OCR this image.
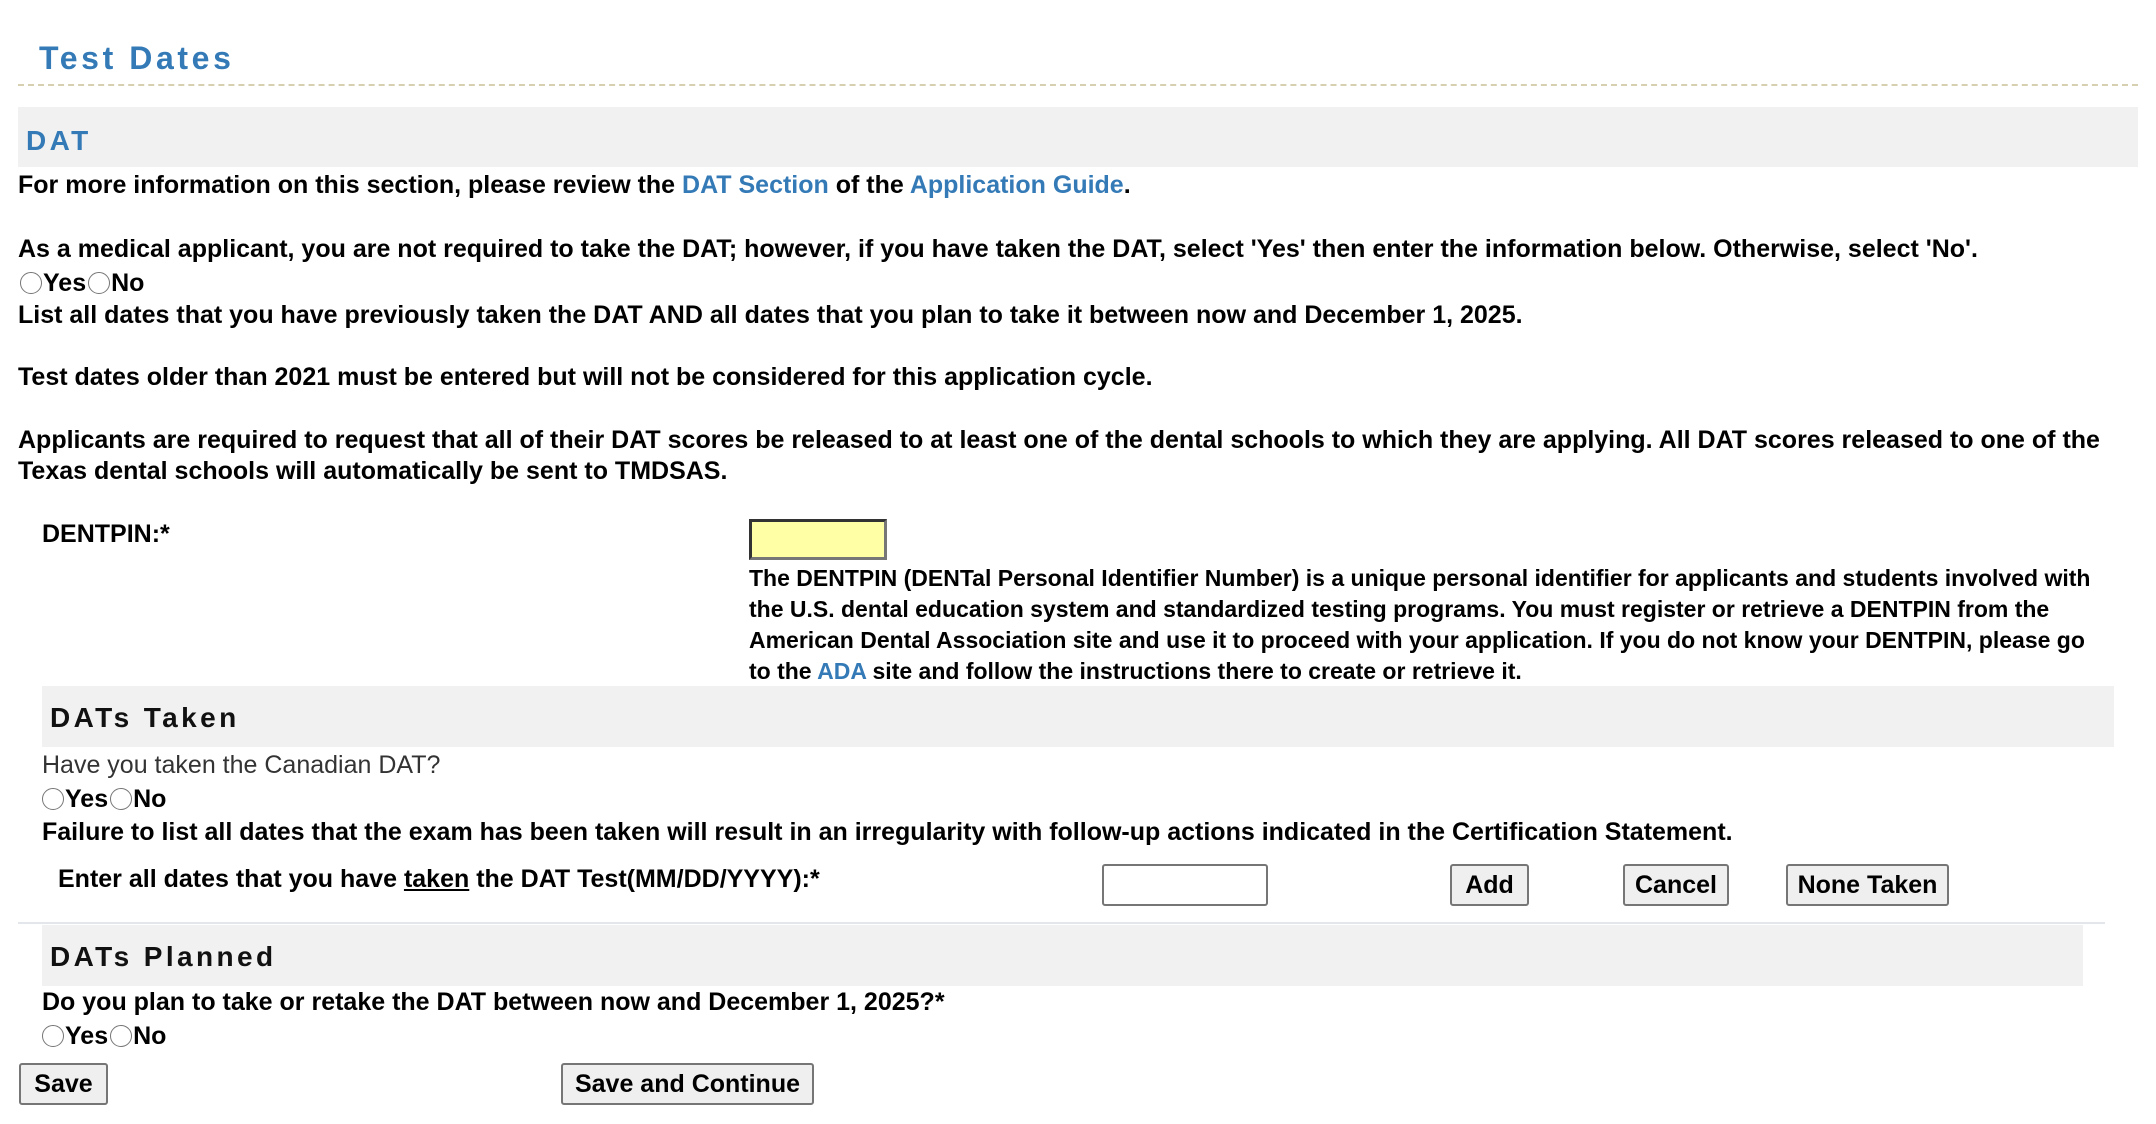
Test Dates
DAT
For more information on this section, please review the DAT Section of the Application Guide.
As a medical applicant, you are not required to take the DAT; however, if you have taken the DAT, select 'Yes' then enter the information below. Otherwise, select 'No'.
Yes No
List all dates that you have previously taken the DAT AND all dates that you plan to take it between now and December 1, 2025.
Test dates older than 2021 must be entered but will not be considered for this application cycle.
Applicants are required to request that all of their DAT scores be released to at least one of the dental schools to which they are applying. All DAT scores released to one of the Texas dental schools will automatically be sent to TMDSAS.
DENTPIN:*
The DENTPIN (DENTal Personal Identifier Number) is a unique personal identifier for applicants and students involved with the U.S. dental education system and standardized testing programs. You must register or retrieve a DENTPIN from the American Dental Association site and use it to proceed with your application. If you do not know your DENTPIN, please go to the ADA site and follow the instructions there to create or retrieve it.
DATs Taken
Have you taken the Canadian DAT?
Yes No
Failure to list all dates that the exam has been taken will result in an irregularity with follow-up actions indicated in the Certification Statement.
Enter all dates that you have taken the DAT Test(MM/DD/YYYY):*	Add	Cancel	None Taken
DATs Planned
Do you plan to take or retake the DAT between now and December 1, 2025?*
Yes No
Save	Save and Continue
